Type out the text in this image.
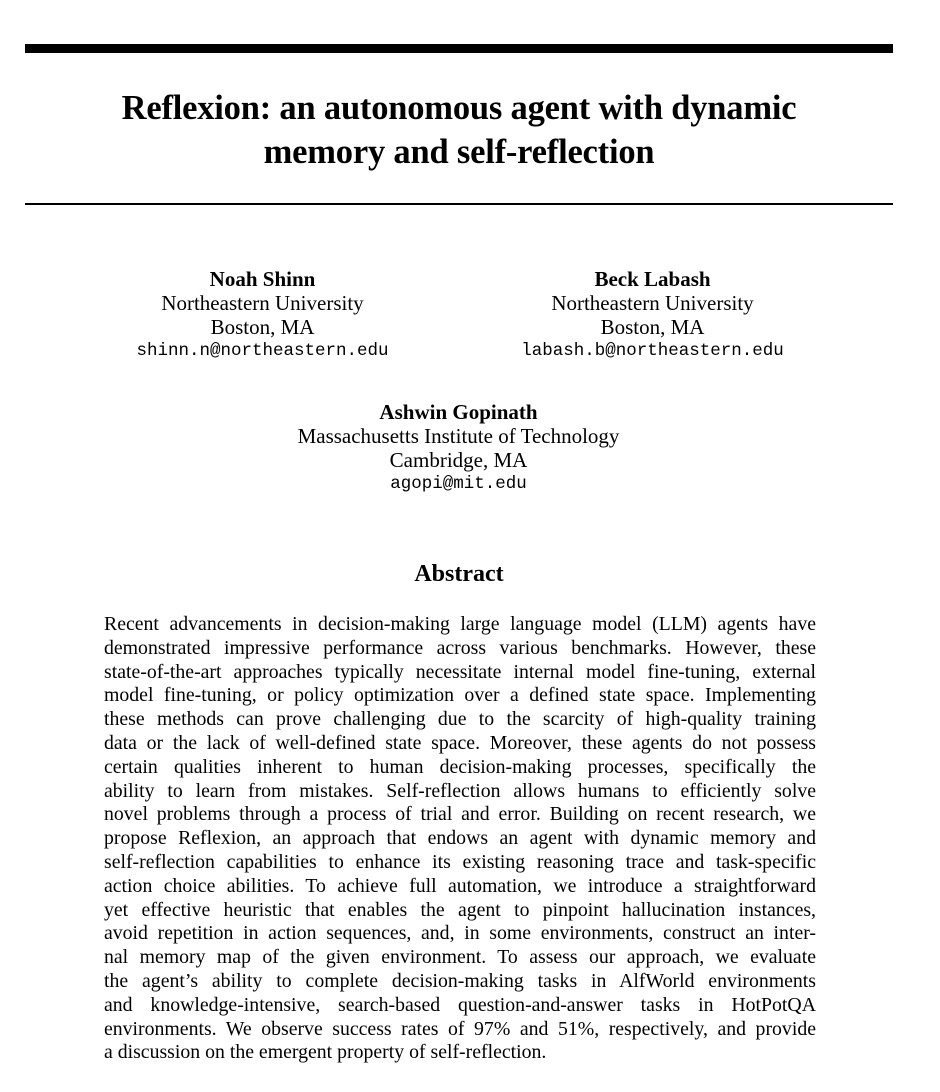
Reflexion: an autonomous agent with dynamic
memory and self-reflection
Noah Shinn
Northeastern University
Boston, MA
shinn.n@northeastern.edu
Beck Labash
Northeastern University
Boston, MA
labash.b@northeastern.edu
Ashwin Gopinath
Massachusetts Institute of Technology
Cambridge, MA
agopi@mit.edu
Abstract
Recent advancements in decision-making large language model (LLM) agents have
demonstrated impressive performance across various benchmarks. However, these
state-of-the-art approaches typically necessitate internal model fine-tuning, external
model fine-tuning, or policy optimization over a defined state space. Implementing
these methods can prove challenging due to the scarcity of high-quality training
data or the lack of well-defined state space. Moreover, these agents do not possess
certain qualities inherent to human decision-making processes, specifically the
ability to learn from mistakes. Self-reflection allows humans to efficiently solve
novel problems through a process of trial and error. Building on recent research, we
propose Reflexion, an approach that endows an agent with dynamic memory and
self-reflection capabilities to enhance its existing reasoning trace and task-specific
action choice abilities. To achieve full automation, we introduce a straightforward
yet effective heuristic that enables the agent to pinpoint hallucination instances,
avoid repetition in action sequences, and, in some environments, construct an inter-
nal memory map of the given environment. To assess our approach, we evaluate
the agent’s ability to complete decision-making tasks in AlfWorld environments
and knowledge-intensive, search-based question-and-answer tasks in HotPotQA
environments. We observe success rates of 97% and 51%, respectively, and provide
a discussion on the emergent property of self-reflection.
